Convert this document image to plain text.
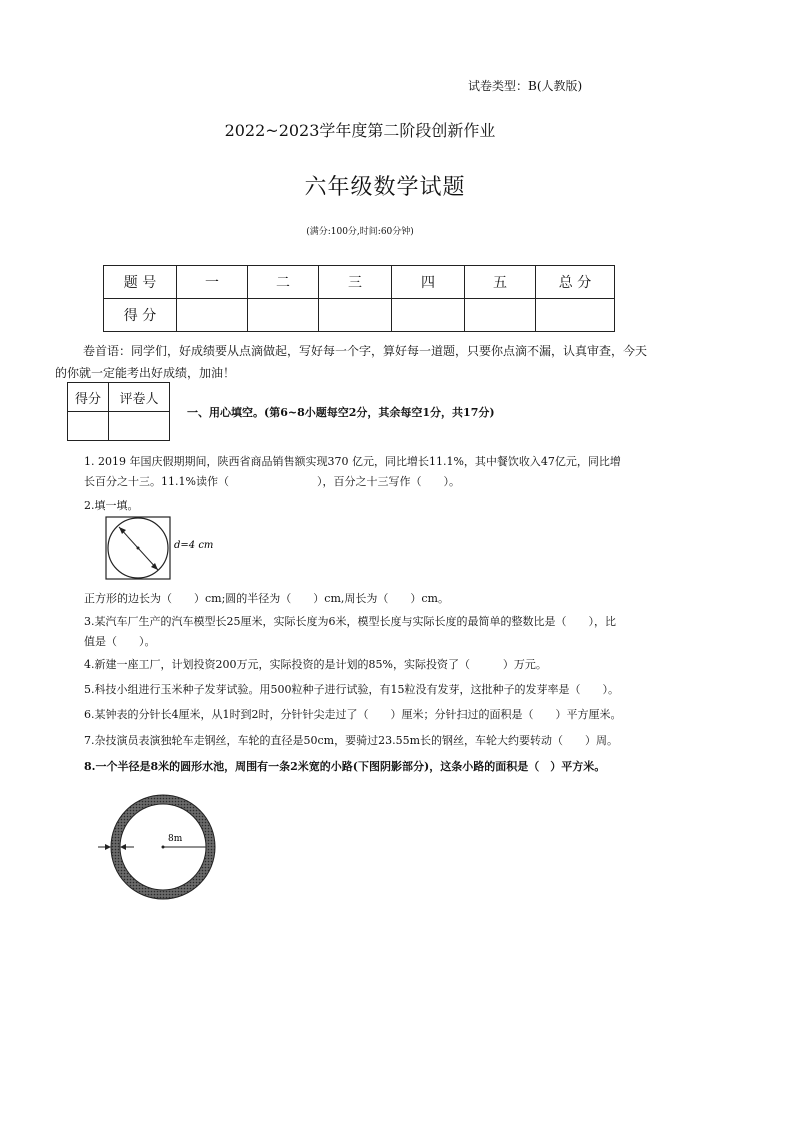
试卷类型：B(人教版)
2022~2023学年度第二阶段创新作业
六年级数学试题
(满分:100分,时间:60分钟)
题 号	一	二	三	四	五	总 分
得 分						
卷首语：同学们，好成绩要从点滴做起，写好每一个字，算好每一道题，只要你点滴不漏，认真审查，今天
的你就一定能考出好成绩，加油！
得分	评卷人

一、用心填空。(第6~8小题每空2分，其余每空1分，共17分)
1. 2019 年国庆假期期间，陕西省商品销售额实现370 亿元，同比增长11.1%，其中餐饮收入47亿元，同比增
长百分之十三。11.1%读作（　　　　　　　　），百分之十三写作（　　）。
2.填一填。
d=4 cm
正方形的边长为（　　）cm;圆的半径为（　　）cm,周长为（　　）cm。
3.某汽车厂生产的汽车模型长25厘米，实际长度为6米，模型长度与实际长度的最简单的整数比是（　　），比
值是（　　）。
4.新建一座工厂，计划投资200万元，实际投资的是计划的85%，实际投资了（　　　）万元。
5.科技小组进行玉米种子发芽试验。用500粒种子进行试验，有15粒没有发芽，这批种子的发芽率是（　　）。
6.某钟表的分针长4厘米，从1时到2时，分针针尖走过了（　　）厘米；分针扫过的面积是（　　）平方厘米。
7.杂技演员表演独轮车走钢丝，车轮的直径是50cm，要骑过23.55m长的钢丝，车轮大约要转动（　　）周。
8.一个半径是8米的圆形水池，周围有一条2米宽的小路(下图阴影部分)，这条小路的面积是（　）平方米。
8m
